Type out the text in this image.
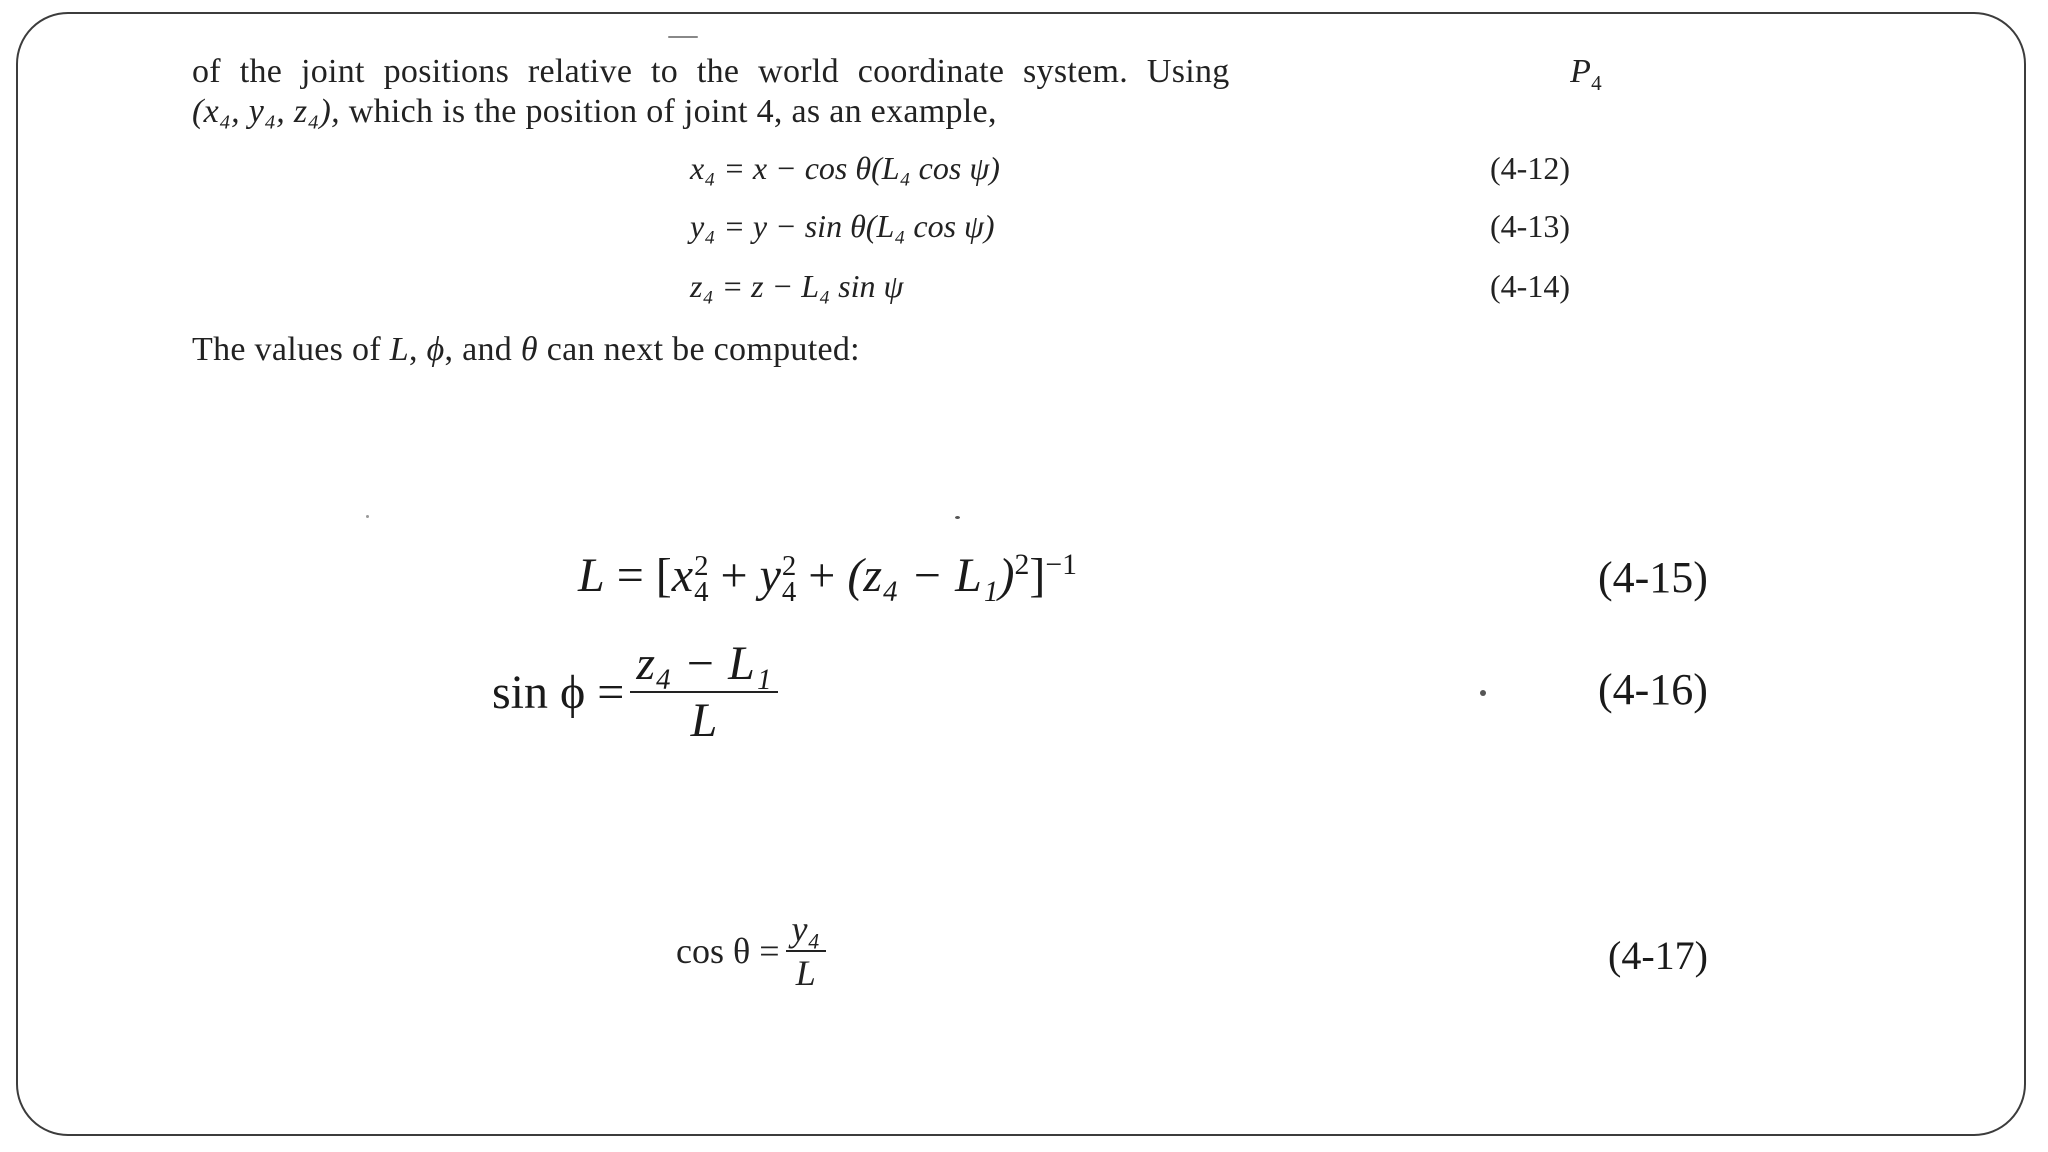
of the joint positions relative to the world coordinate system. Using	$P_4$
(x₄, y₄, z₄), which is the position of joint 4, as an example,
x₄ = x − cos θ(L₄ cos ψ)	(4-12)
y₄ = y − sin θ(L₄ cos ψ)	(4-13)
z₄ = z − L₄ sin ψ	(4-14)
The values of L, ϕ, and θ can next be computed:
L = [x 2
4 + y 2
$4 + (z_4 - L_1)^2]^{-1}$	(4-15)
$\sin \phi = \frac{\text{z₄ − L₁}}{L}$	(4-16)
$\cos \theta = \frac{\text{y₄}}{L}$	(4-17)
